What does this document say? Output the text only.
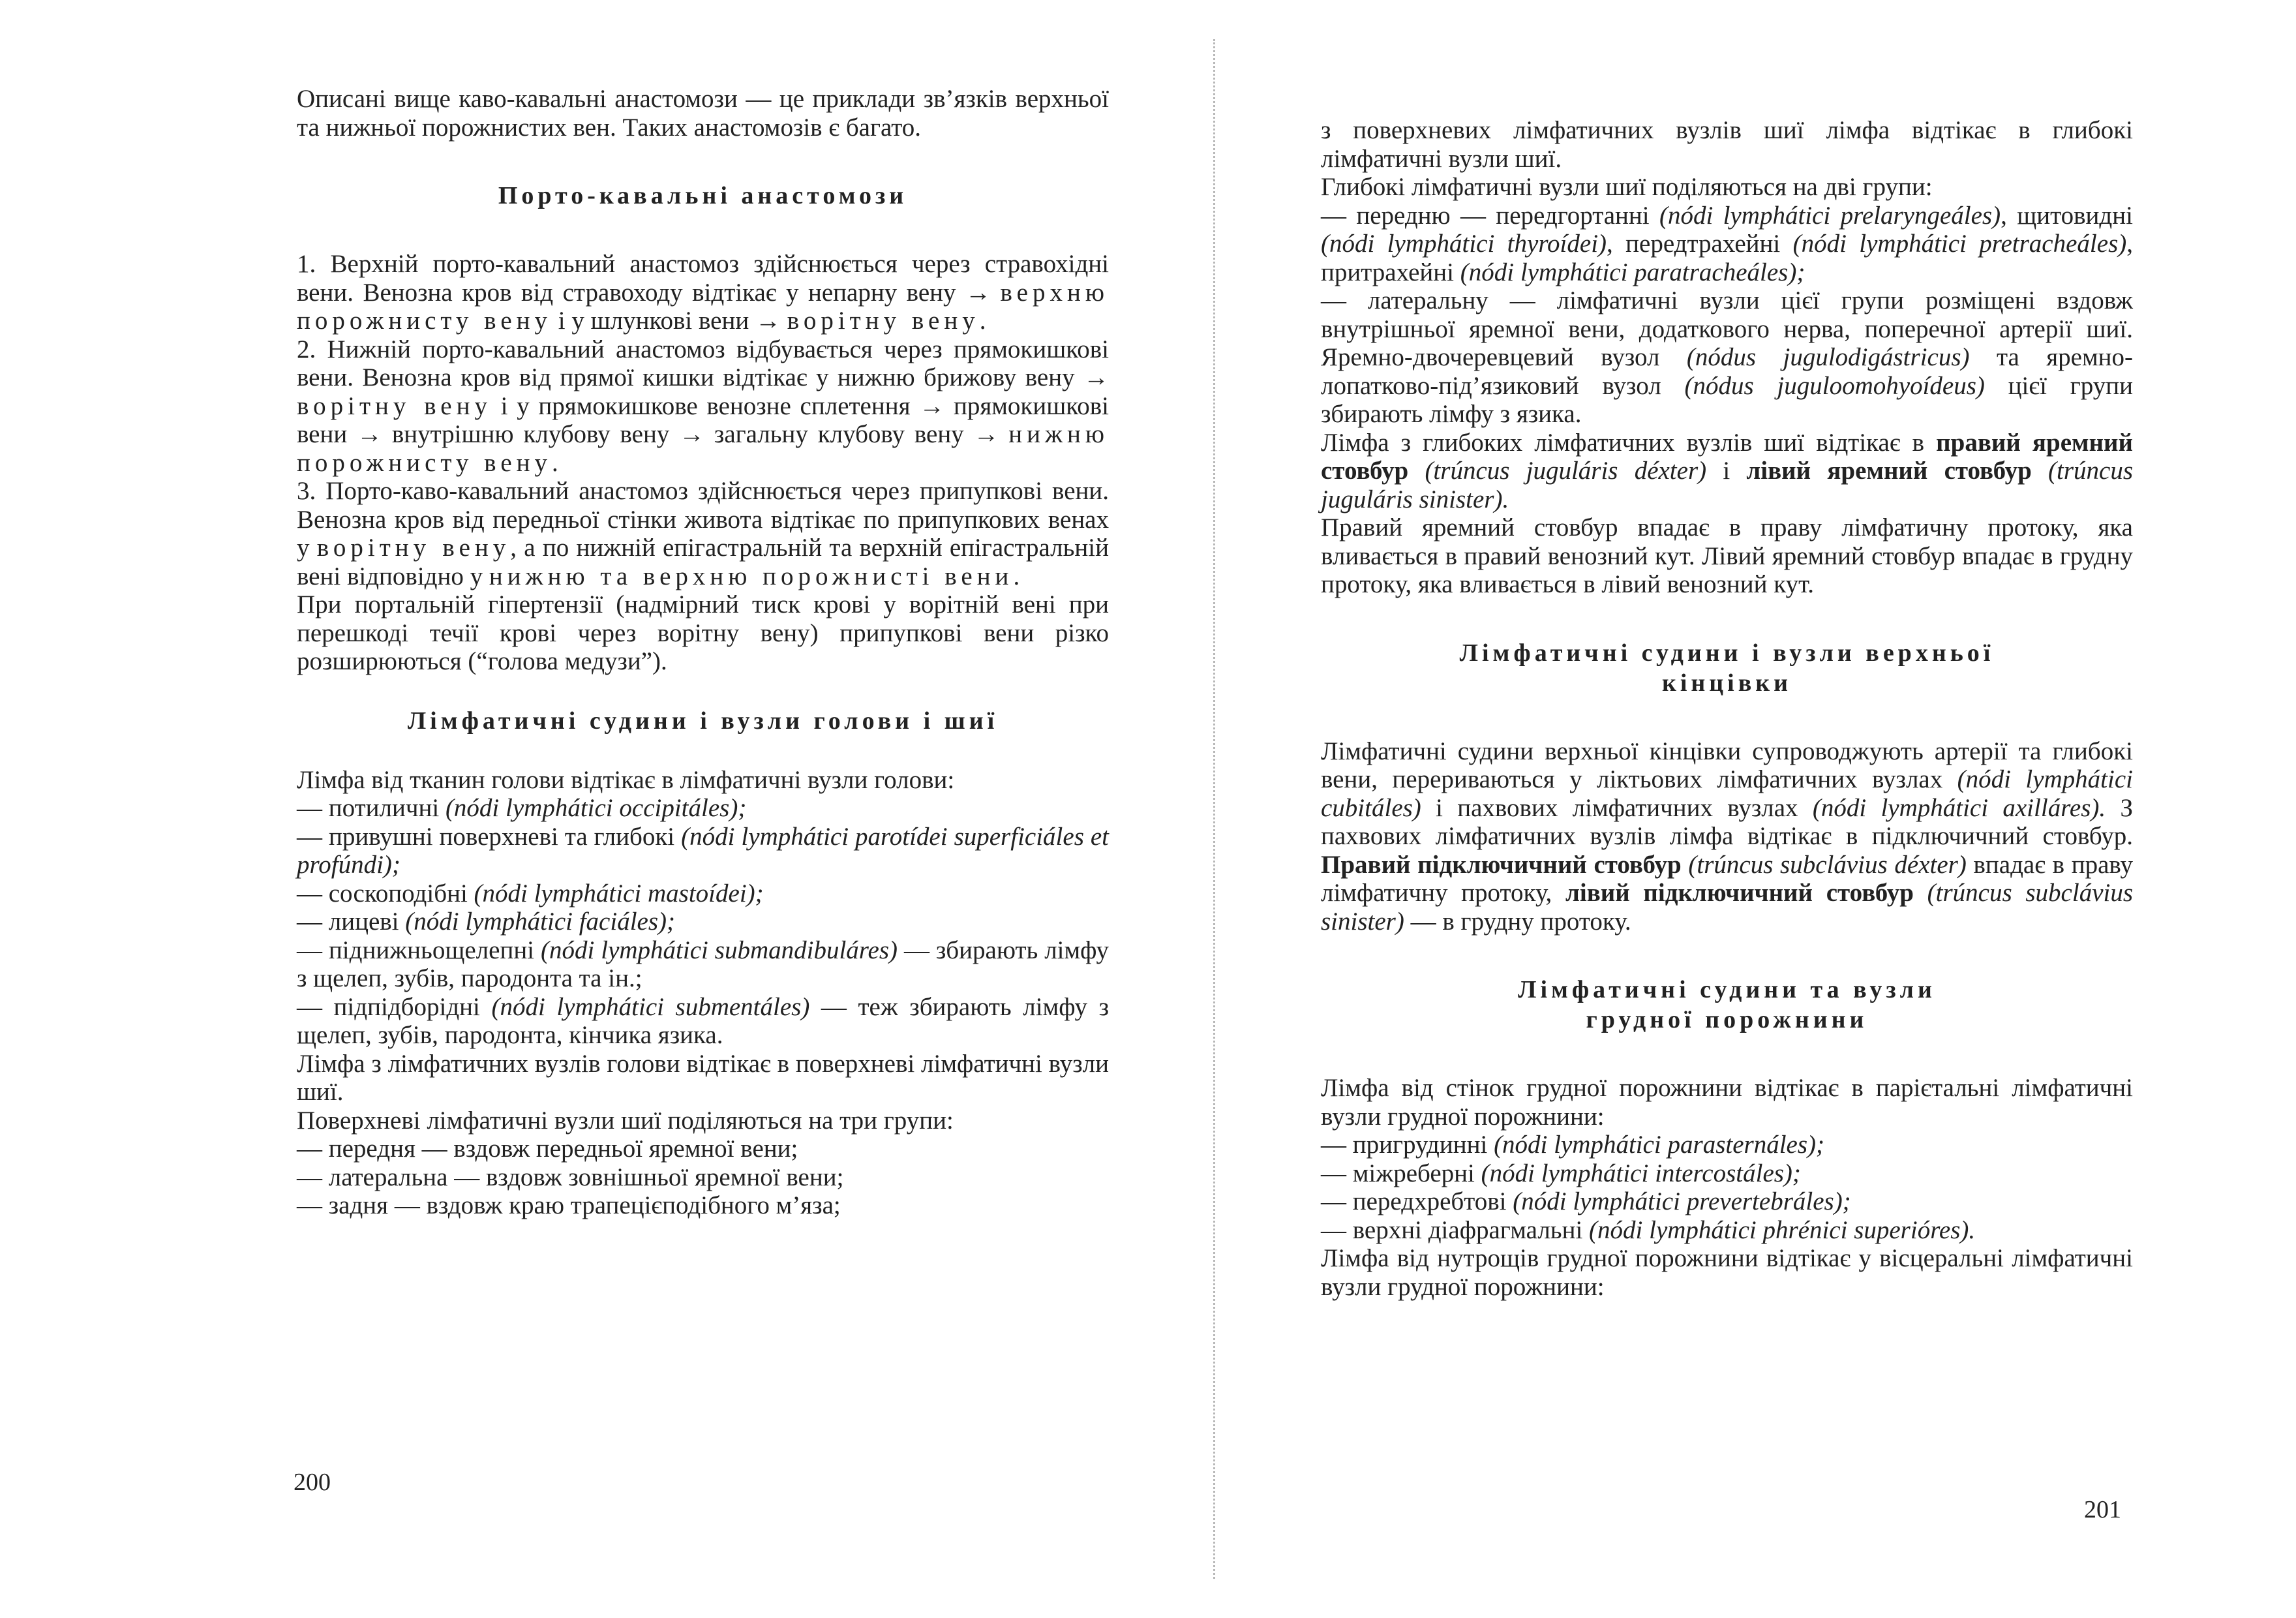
Описані вище каво-кавальні анастомози — це приклади зв’язків верхньої та нижньої порожнистих вен. Таких анастомозів є багато.

Порто-кавальні анастомози

1. Верхній порто-кавальний анастомоз здійснюється через стравохідні вени. Венозна кров від стравоходу відтікає у непарну вену → верхню порожнисту вену і у шлункові вени → ворітну вену.

2. Нижній порто-кавальний анастомоз відбувається через прямокишкові вени. Венозна кров від прямої кишки відтікає у нижню брижову вену → ворітну вену і у прямокишкове венозне сплетення → прямокишкові вени → внутрішню клубову вену → загальну клубову вену → нижню порожнисту вену.

3. Порто-каво-кавальний анастомоз здійснюється через припупкові вени. Венозна кров від передньої стінки живота відтікає по припупкових венах у ворітну вену, а по нижній епігастральній та верхній епігастральній вені відповідно у нижню та верхню порожнисті вени.

При портальній гіпертензії (надмірний тиск крові у ворітній вені при перешкоді течії крові через ворітну вену) припупкові вени різко розширюються (“голова медузи”).

Лімфатичні судини і вузли голови і шиї

Лімфа від тканин голови відтікає в лімфатичні вузли голови:

— потиличні (nódi lymphátici occipitáles);

— привушні поверхневі та глибокі (nódi lymphátici parotídei superficiáles et profúndi);

— соскоподібні (nódi lymphátici mastoídei);

— лицеві (nódi lymphátici faciáles);

— піднижньощелепні (nódi lymphátici submandibuláres) — збирають лімфу з щелеп, зубів, пародонта та ін.;

— підпідборідні (nódi lymphátici submentáles) — теж збирають лімфу з щелеп, зубів, пародонта, кінчика язика.

Лімфа з лімфатичних вузлів голови відтікає в поверхневі лімфатичні вузли шиї.

Поверхневі лімфатичні вузли шиї поділяються на три групи:

— передня — вздовж передньої яремної вени;

— латеральна — вздовж зовнішньої яремної вени;

— задня — вздовж краю трапецієподібного м’яза;

200

з поверхневих лімфатичних вузлів шиї лімфа відтікає в глибокі лімфатичні вузли шиї.

Глибокі лімфатичні вузли шиї поділяються на дві групи:

— передню — передгортанні (nódi lymphátici prelaryngeáles), щитовидні (nódi lymphátici thyroídei), передтрахейні (nódi lymphátici pretracheáles), притрахейні (nódi lymphátici paratracheáles);

— латеральну — лімфатичні вузли цієї групи розміщені вздовж внутрішньої яремної вени, додаткового нерва, поперечної артерії шиї. Яремно-двочеревцевий вузол (nódus jugulodigástricus) та яремно-лопатково-під’язиковий вузол (nódus juguloomohyoídeus) цієї групи збирають лімфу з язика.

Лімфа з глибоких лімфатичних вузлів шиї відтікає в правий яремний стовбур (trúncus juguláris déxter) і лівий яремний стовбур (trúncus juguláris sinister).

Правий яремний стовбур впадає в праву лімфатичну протоку, яка вливається в правий венозний кут. Лівий яремний стовбур впадає в грудну протоку, яка вливається в лівий венозний кут.

Лімфатичні судини і вузли верхньої
кінцівки

Лімфатичні судини верхньої кінцівки супроводжують артерії та глибокі вени, перериваються у ліктьових лімфатичних вузлах (nódi lymphátici cubitáles) і пахвових лімфатичних вузлах (nódi lymphátici axilláres). З пахвових лімфатичних вузлів лімфа відтікає в підключичний стовбур. Правий підключичний стовбур (trúncus subclávius déxter) впадає в праву лімфатичну протоку, лівий підключичний стовбур (trúncus subclávius sinister) — в грудну протоку.

Лімфатичні судини та вузли
грудної порожнини

Лімфа від стінок грудної порожнини відтікає в парієтальні лімфатичні вузли грудної порожнини:

— пригрудинні (nódi lymphátici parasternáles);

— міжреберні (nódi lymphátici intercostáles);

— передхребтові (nódi lymphátici prevertebráles);

— верхні діафрагмальні (nódi lymphátici phrénici superióres).

Лімфа від нутрощів грудної порожнини відтікає у вісцеральні лімфатичні вузли грудної порожнини:

201
